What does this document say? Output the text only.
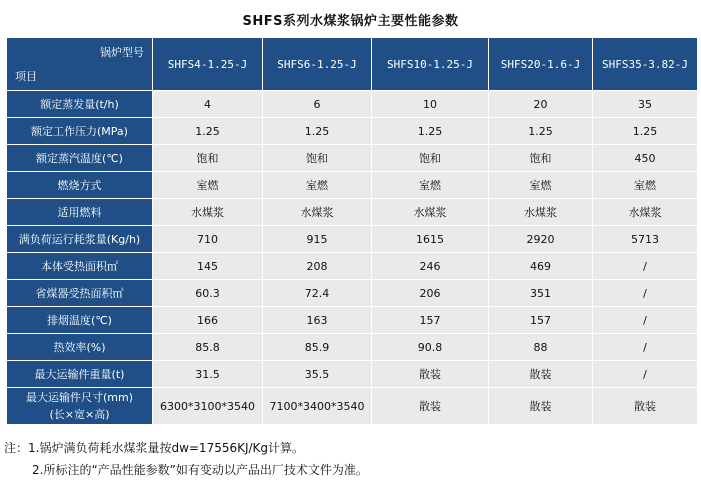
SHFS系列水煤浆锅炉主要性能参数
锅炉型号
项目	SHFS4-1.25-J	SHFS6-1.25-J	SHFS10-1.25-J	SHFS20-1.6-J	SHFS35-3.82-J
额定蒸发量(t/h)	4	6	10	20	35
额定工作压力(MPa)	1.25	1.25	1.25	1.25	1.25
额定蒸汽温度(℃)	饱和	饱和	饱和	饱和	450
燃烧方式	室燃	室燃	室燃	室燃	室燃
适用燃料	水煤浆	水煤浆	水煤浆	水煤浆	水煤浆
满负荷运行耗浆量(Kg/h)	710	915	1615	2920	5713
本体受热面积㎡	145	208	246	469	/
省煤器受热面积㎡	60.3	72.4	206	351	/
排烟温度(℃)	166	163	157	157	/
热效率(%)	85.8	85.9	90.8	88	/
最大运输件重量(t)	31.5	35.5	散装	散装	/

最大运输件尺寸(mm)
(长×宽×高)	6300*3100*3540	7100*3400*3540	散装	散装	散装
注：1.锅炉满负荷耗水煤浆量按dw=17556KJ/Kg计算。
2.所标注的“产品性能参数”如有变动以产品出厂技术文件为准。
